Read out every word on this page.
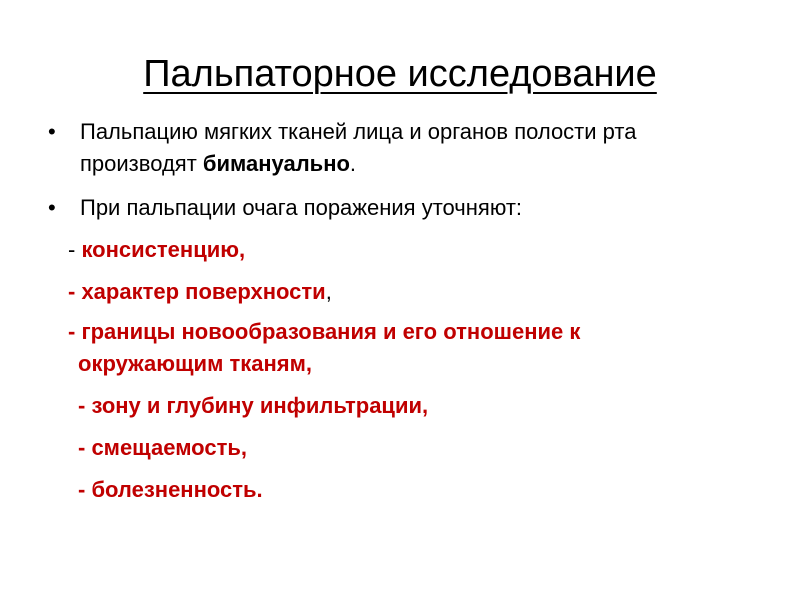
Пальпаторное исследование
• Пальпацию мягких тканей лица и органов полости рта производят бимануально.
• При пальпации очага поражения уточняют:
- консистенцию,
- характер поверхности,
- границы новообразования и его отношение к
окружающим тканям,
- зону и глубину инфильтрации,
- смещаемость,
- болезненность.
